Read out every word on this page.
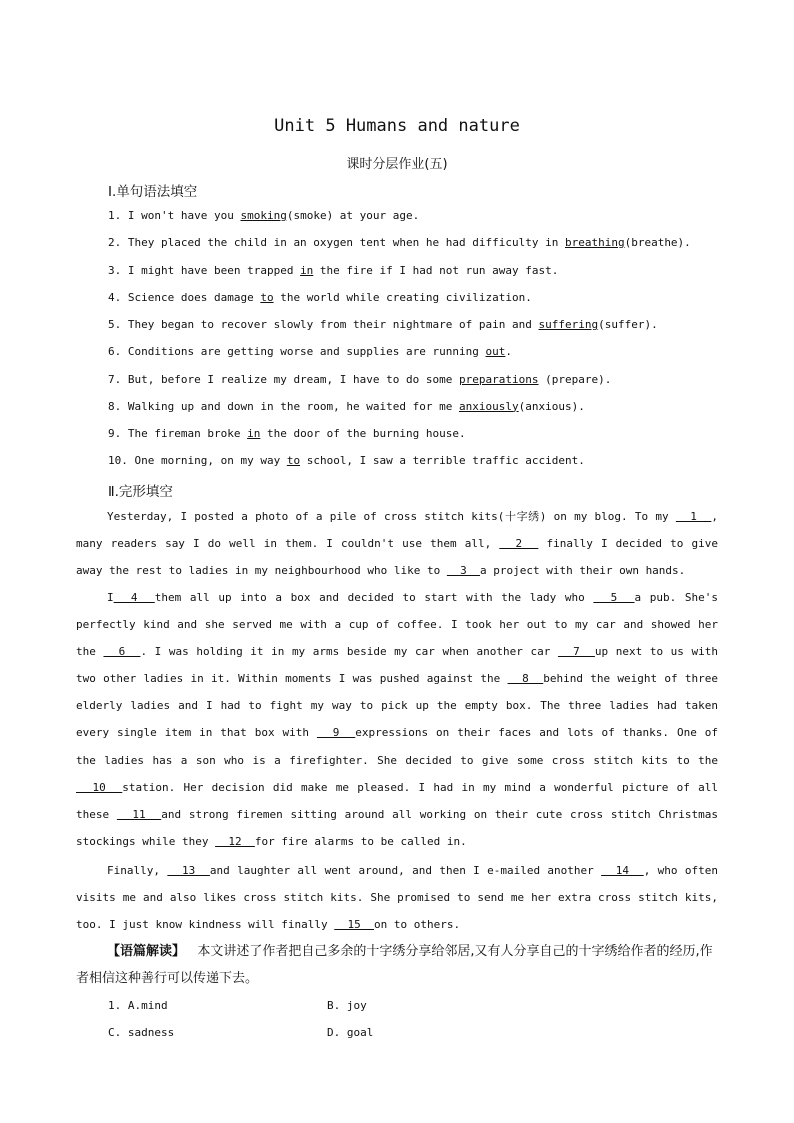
Unit 5 Humans and nature
课时分层作业(五)
Ⅰ.单句语法填空
1. I won't have you smoking(smoke) at your age.
2. They placed the child in an oxygen tent when he had difficulty in breathing(breathe).
3. I might have been trapped in the fire if I had not run away fast.
4. Science does damage to the world while creating civilization.
5. They began to recover slowly from their nightmare of pain and suffering(suffer).
6. Conditions are getting worse and supplies are running out.
7. But, before I realize my dream, I have to do some preparations (prepare).
8. Walking up and down in the room, he waited for me anxiously(anxious).
9. The fireman broke in the door of the burning house.
10. One morning, on my way to school, I saw a terrible traffic accident.
Ⅱ.完形填空
Yesterday, I posted a photo of a pile of cross stitch kits(十字绣) on my blog. To my   1  , many readers say I do well in them. I couldn't use them all,   2   finally I decided to give away the rest to ladies in my neighbourhood who like to   3  a project with their own hands.
I  4  them all up into a box and decided to start with the lady who   5  a pub. She's perfectly kind and she served me with a cup of coffee. I took her out to my car and showed her the   6  . I was holding it in my arms beside my car when another car   7  up next to us with two other ladies in it. Within moments I was pushed against the   8  behind the weight of three elderly ladies and I had to fight my way to pick up the empty box. The three ladies had taken every single item in that box with   9  expressions on their faces and lots of thanks. One of the ladies has a son who is a firefighter. She decided to give some cross stitch kits to the   10  station. Her decision did make me pleased. I had in my mind a wonderful picture of all these   11  and strong firemen sitting around all working on their cute cross stitch Christmas stockings while they   12  for fire alarms to be called in.
Finally,   13  and laughter all went around, and then I e-mailed another   14  , who often visits me and also likes cross stitch kits. She promised to send me her extra cross stitch kits, too. I just know kindness will finally   15  on to others.
【语篇解读】 本文讲述了作者把自己多余的十字绣分享给邻居,又有人分享自己的十字绣给作者的经历,作者相信这种善行可以传递下去。
1. A.mind	B. joy
C. sadness	D. goal
